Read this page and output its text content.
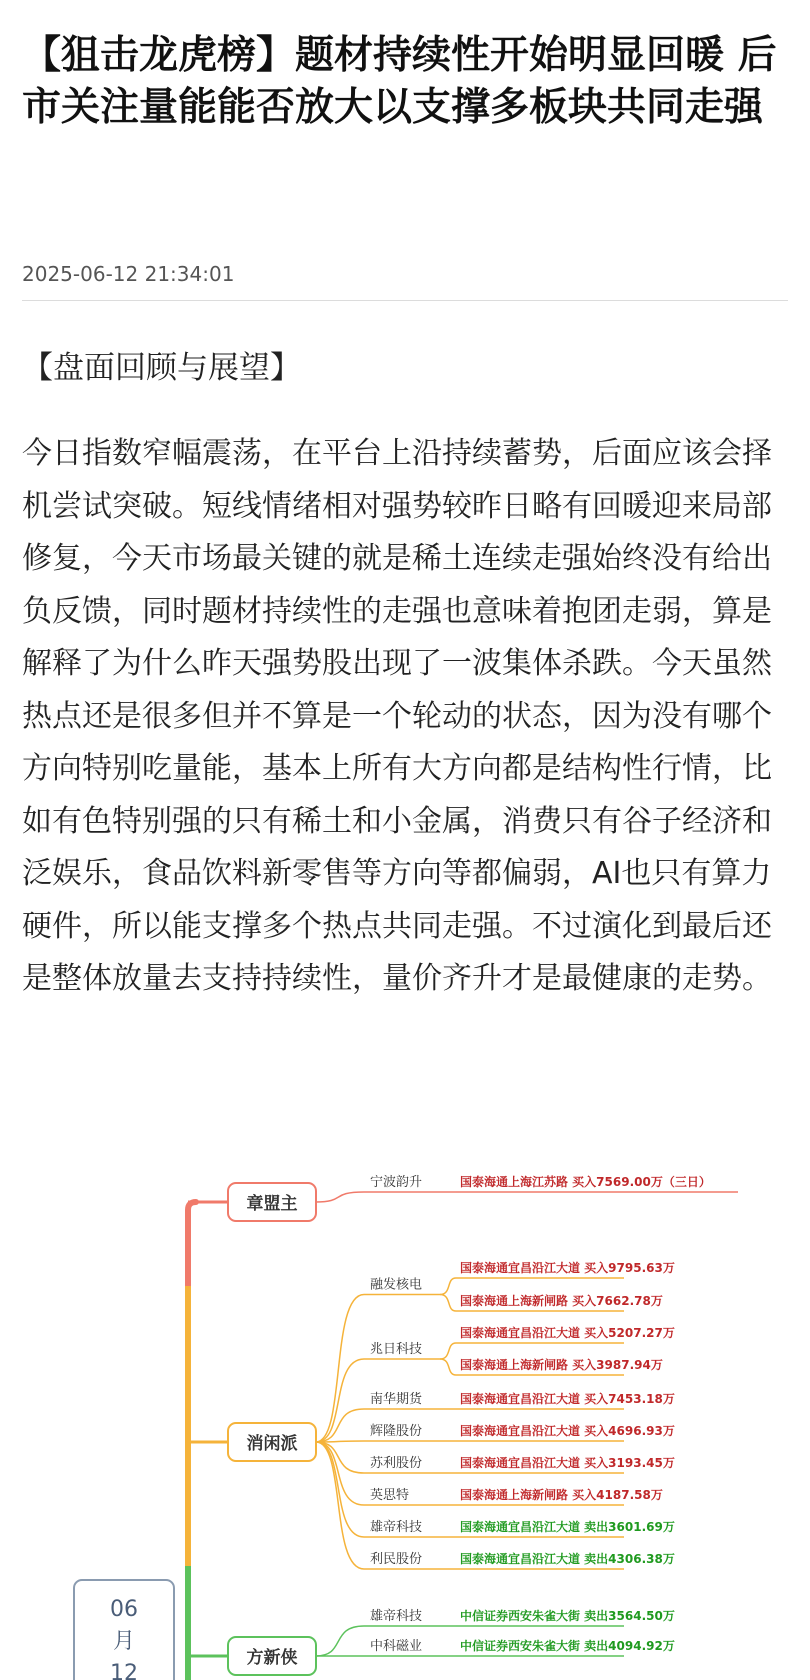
【狙击龙虎榜】题材持续性开始明显回暖 后市关注量能能否放大以支撑多板块共同走强
2025-06-12 21:34:01
【盘面回顾与展望】

今日指数窄幅震荡，在平台上沿持续蓄势，后面应该会择机尝试突破。短线情绪相对强势较昨日略有回暖迎来局部修复，今天市场最关键的就是稀土连续走强始终没有给出负反馈，同时题材持续性的走强也意味着抱团走弱，算是解释了为什么昨天强势股出现了一波集体杀跌。今天虽然热点还是很多但并不算是一个轮动的状态，因为没有哪个方向特别吃量能，基本上所有大方向都是结构性行情，比如有色特别强的只有稀土和小金属，消费只有谷子经济和泛娱乐，食品饮料新零售等方向等都偏弱，AI也只有算力硬件，所以能支撑多个热点共同走强。不过演化到最后还是整体放量去支持持续性，量价齐升才是最健康的走势。

06
月
12
章盟主
宁波韵升	国泰海通上海江苏路 买入7569.00万（三日）
消闲派
融发核电
国泰海通宜昌沿江大道 买入9795.63万
国泰海通上海新闸路 买入7662.78万
兆日科技
国泰海通宜昌沿江大道 买入5207.27万
国泰海通上海新闸路 买入3987.94万
南华期货	国泰海通宜昌沿江大道 买入7453.18万
辉隆股份	国泰海通宜昌沿江大道 买入4696.93万
苏利股份	国泰海通宜昌沿江大道 买入3193.45万
英思特	国泰海通上海新闸路 买入4187.58万
雄帝科技	国泰海通宜昌沿江大道 卖出3601.69万
利民股份	国泰海通宜昌沿江大道 卖出4306.38万
方新侠
雄帝科技	中信证券西安朱雀大街 卖出3564.50万
中科磁业	中信证券西安朱雀大街 卖出4094.92万
